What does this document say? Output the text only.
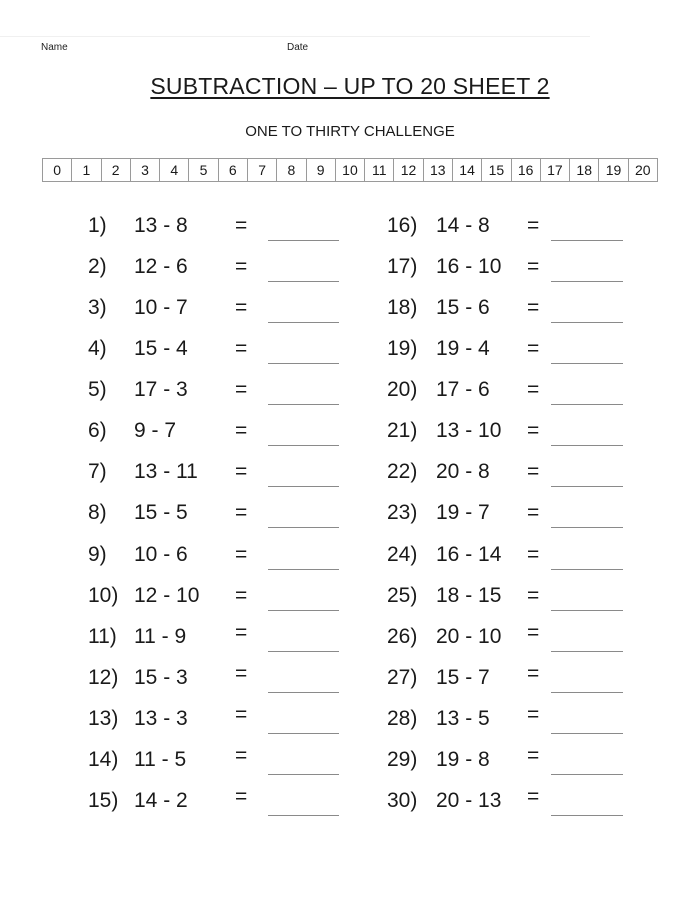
Name	Date
SUBTRACTION – UP TO 20 SHEET 2
ONE TO THIRTY CHALLENGE
0	1	2	3	4	5	6	7	8	9	10	11	12	13	14	15	16	17	18	19	20
1) 13 - 8 =
2) 12 - 6 =
3) 10 - 7 =
4) 15 - 4 =
5) 17 - 3 =
6) 9 - 7	=
7) 13 - 11 =
8) 15 - 5 =
9) 10 - 6 =
10) 12 - 10 =
11) 11 - 9 =
12) 15 - 3 =
13) 13 - 3 =
14) 11 - 5 =
15) 14 - 2 =
16) 14 - 8 =
17) 16 - 10 =
18) 15 - 6 =
19) 19 - 4 =
20) 17 - 6 =
21) 13 - 10 =
22) 20 - 8 =
23) 19 - 7 =
24) 16 - 14 =
25) 18 - 15 =
26) 20 - 10 =
27) 15 - 7 =
28) 13 - 5 =
29) 19 - 8 =
30) 20 - 13 =
